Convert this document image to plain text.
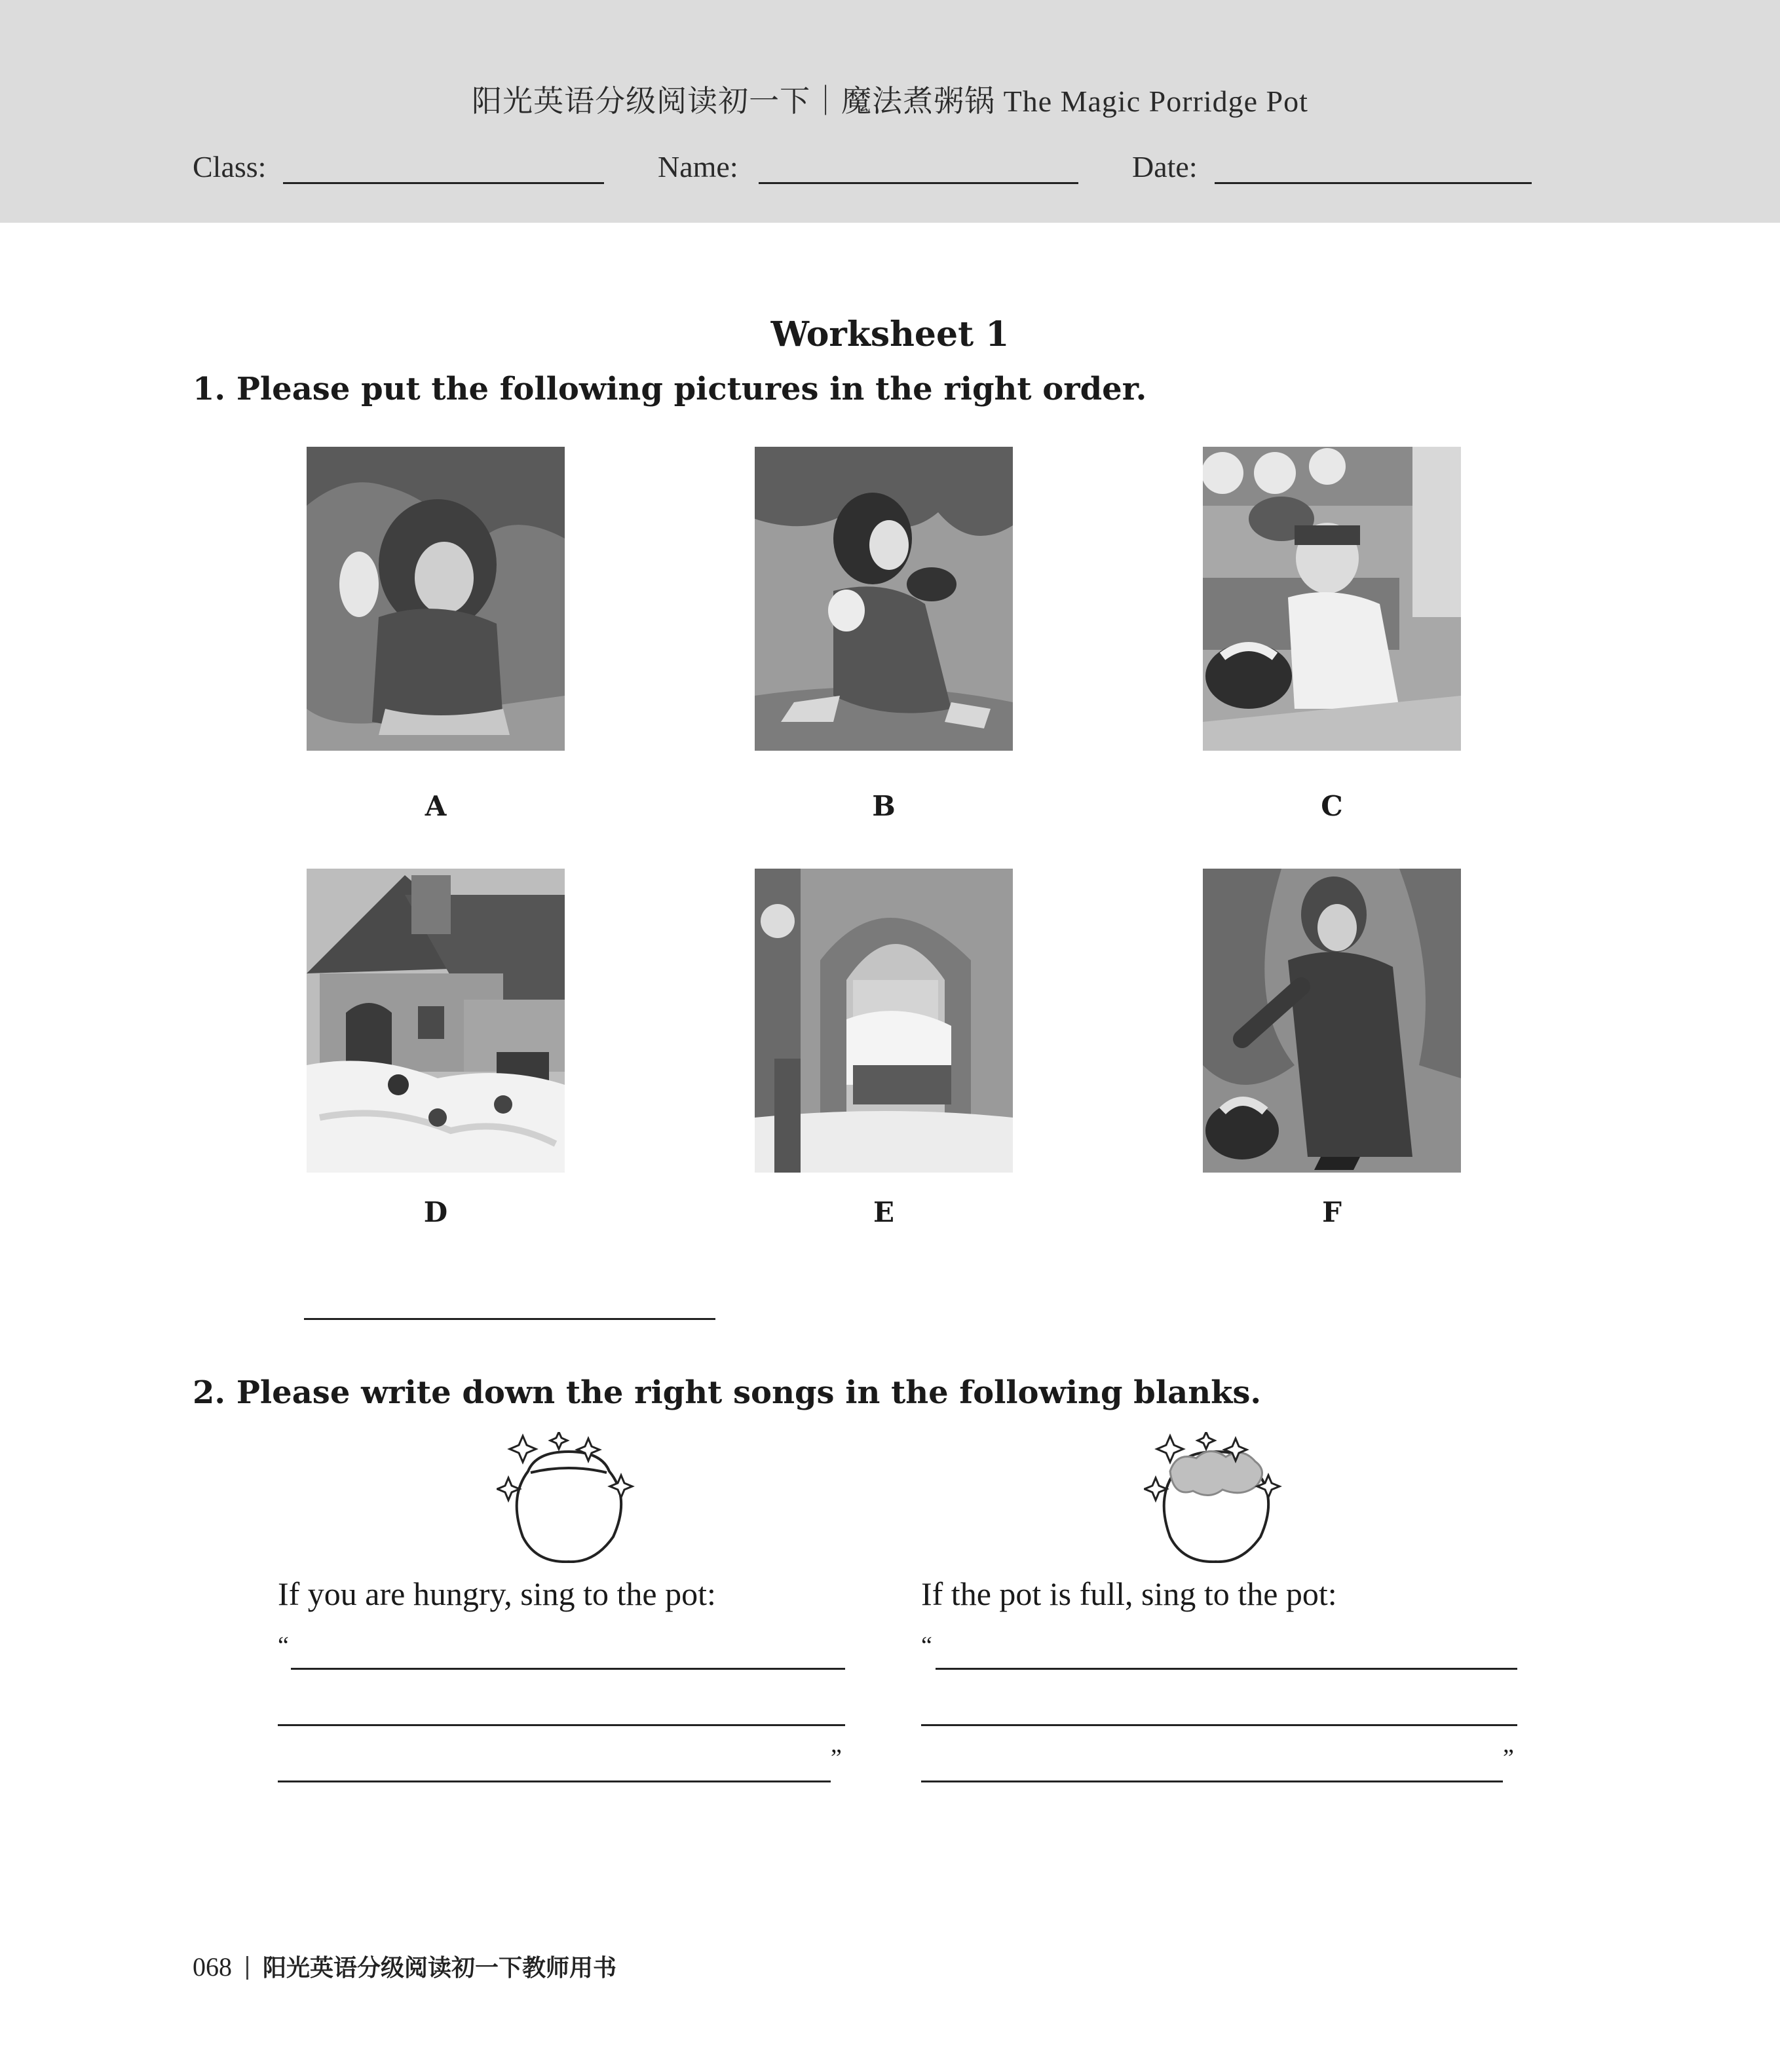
阳光英语分级阅读初一下｜魔法煮粥锅 The Magic Porridge Pot
Class:	Name:	Date:
Worksheet 1
1. Please put the following pictures in the right order.
A	B	C
D	E	F
2. Please write down the right songs in the following blanks.
If you are hungry, sing to the pot:
“
”
If the pot is full, sing to the pot:
“
”
068 阳光英语分级阅读初一下教师用书
